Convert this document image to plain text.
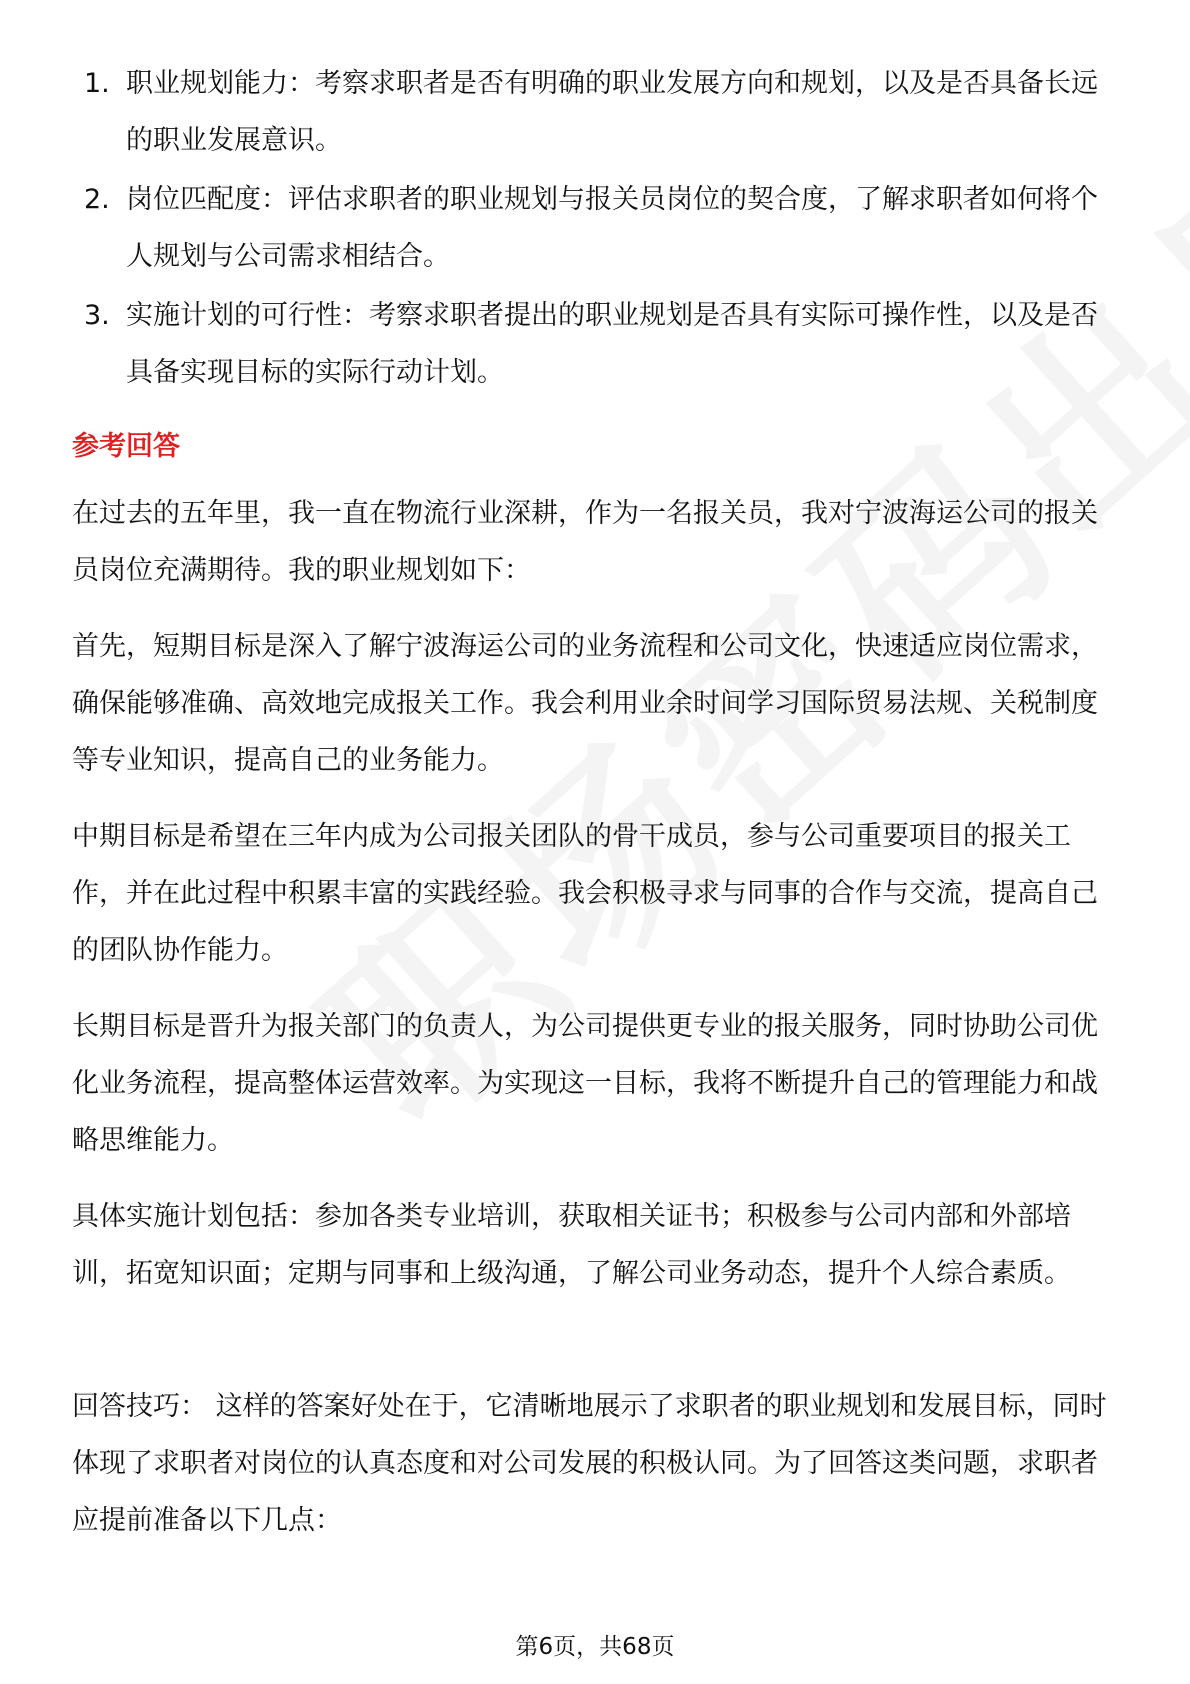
1. 职业规划能力：考察求职者是否有明确的职业发展方向和规划，以及是否具备长远的职业发展意识。
2. 岗位匹配度：评估求职者的职业规划与报关员岗位的契合度，了解求职者如何将个人规划与公司需求相结合。
3. 实施计划的可行性：考察求职者提出的职业规划是否具有实际可操作性，以及是否具备实现目标的实际行动计划。
参考回答

在过去的五年里，我一直在物流行业深耕，作为一名报关员，我对宁波海运公司的报关员岗位充满期待。我的职业规划如下：

首先，短期目标是深入了解宁波海运公司的业务流程和公司文化，快速适应岗位需求，确保能够准确、高效地完成报关工作。我会利用业余时间学习国际贸易法规、关税制度等专业知识，提高自己的业务能力。

中期目标是希望在三年内成为公司报关团队的骨干成员，参与公司重要项目的报关工作，并在此过程中积累丰富的实践经验。我会积极寻求与同事的合作与交流，提高自己的团队协作能力。

长期目标是晋升为报关部门的负责人，为公司提供更专业的报关服务，同时协助公司优化业务流程，提高整体运营效率。为实现这一目标，我将不断提升自己的管理能力和战略思维能力。

具体实施计划包括：参加各类专业培训，获取相关证书；积极参与公司内部和外部培训，拓宽知识面；定期与同事和上级沟通，了解公司业务动态，提升个人综合素质。

回答技巧： 这样的答案好处在于，它清晰地展示了求职者的职业规划和发展目标，同时体现了求职者对岗位的认真态度和对公司发展的积极认同。为了回答这类问题，求职者应提前准备以下几点：

第6页，共68页
